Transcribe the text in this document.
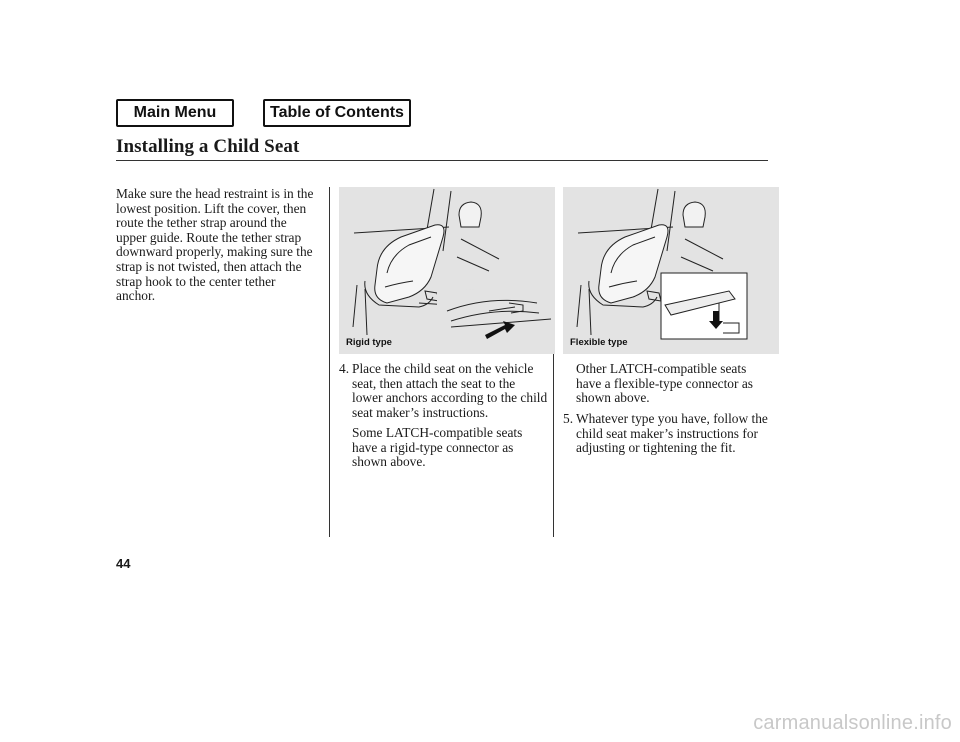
Main Menu	Table of Contents
Installing a Child Seat

Make sure the head restraint is in the lowest position. Lift the cover, then route the tether strap around the upper guide. Route the tether strap downward properly, making sure the strap is not twisted, then attach the strap hook to the center tether anchor.

Rigid type	Flexible type
4. Place the child seat on the vehicle seat, then attach the seat to the lower anchors according to the child seat maker’s instructions.

Some LATCH-compatible seats have a rigid-type connector as shown above.

Other LATCH-compatible seats have a flexible-type connector as shown above.

5. Whatever type you have, follow the child seat maker’s instructions for adjusting or tightening the fit.

44
carmanualsonline.info
